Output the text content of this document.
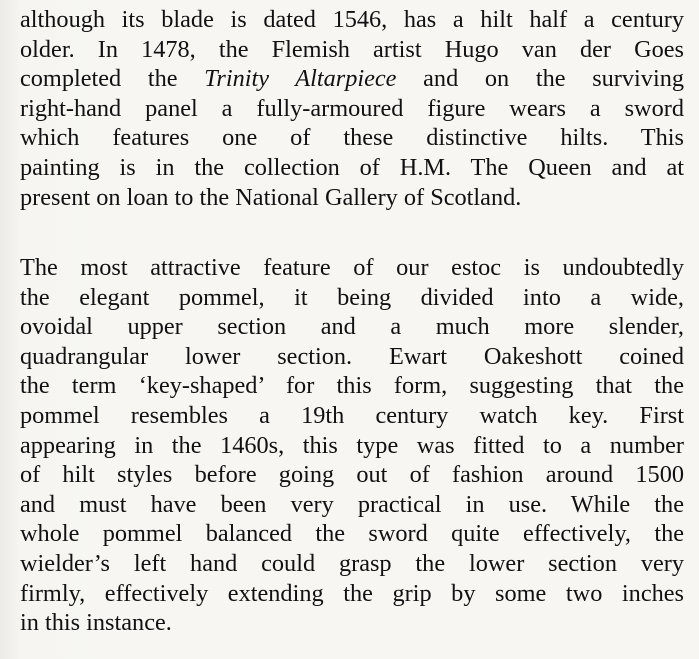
although its blade is dated 1546, has a hilt half a century
older. In 1478, the Flemish artist Hugo van der Goes
completed the Trinity Altarpiece and on the surviving
right-hand panel a fully-armoured figure wears a sword
which features one of these distinctive hilts. This
painting is in the collection of H.M. The Queen and at
present on loan to the National Gallery of Scotland.
The most attractive feature of our estoc is undoubtedly
the elegant pommel, it being divided into a wide,
ovoidal upper section and a much more slender,
quadrangular lower section. Ewart Oakeshott coined
the term ‘key-shaped’ for this form, suggesting that the
pommel resembles a 19th century watch key. First
appearing in the 1460s, this type was fitted to a number
of hilt styles before going out of fashion around 1500
and must have been very practical in use. While the
whole pommel balanced the sword quite effectively, the
wielder’s left hand could grasp the lower section very
firmly, effectively extending the grip by some two inches
in this instance.
